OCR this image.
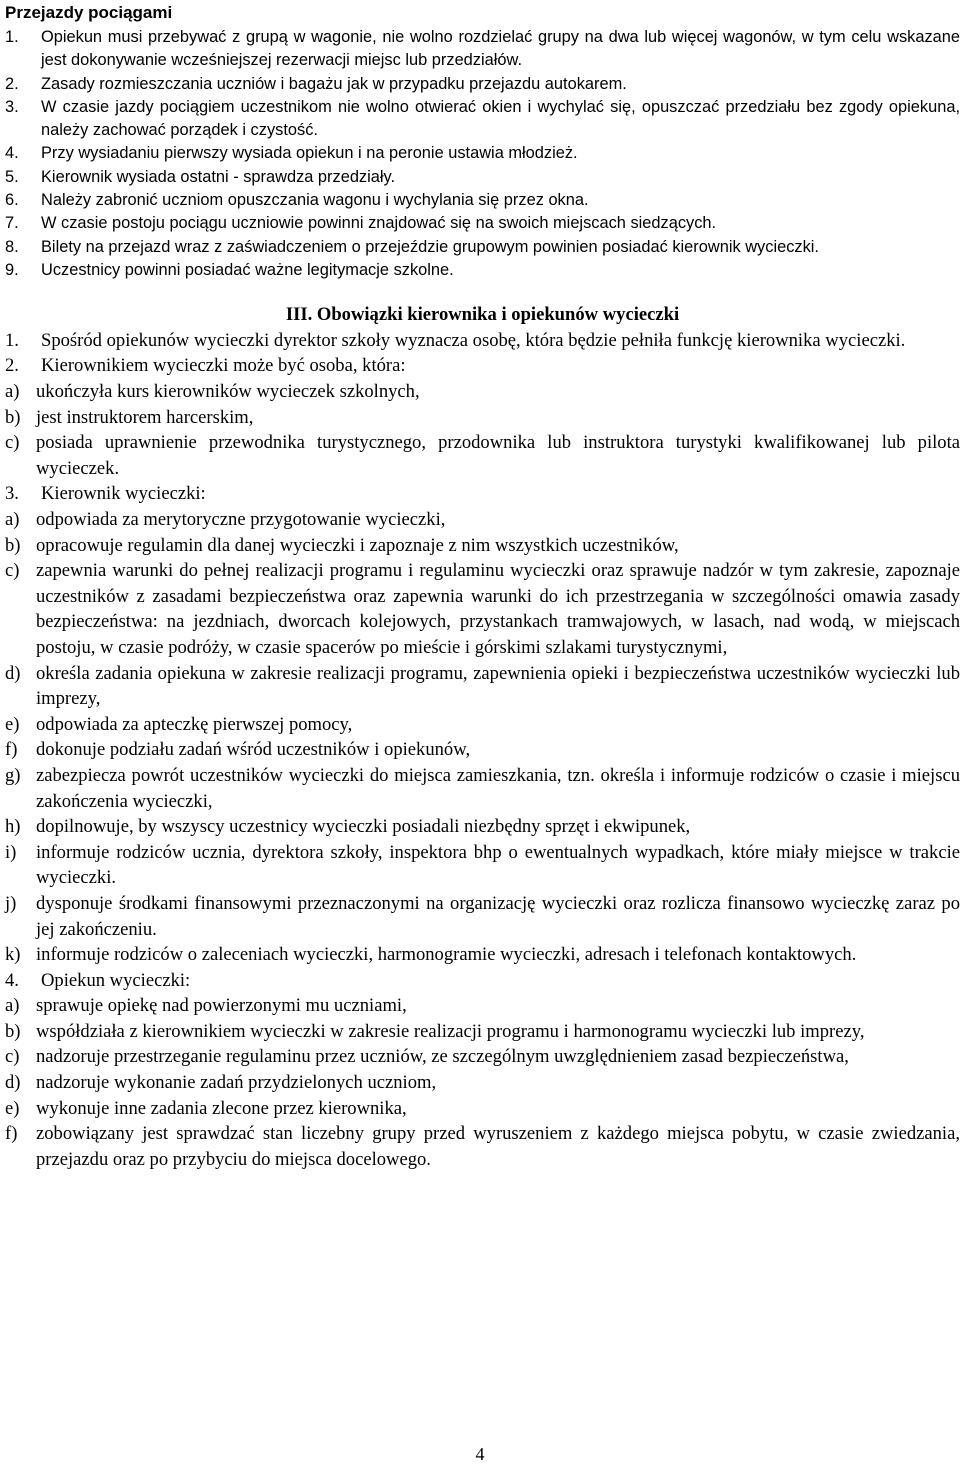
Przejazdy pociągami
1.	Opiekun musi przebywać z grupą w wagonie, nie wolno rozdzielać grupy na dwa lub więcej wagonów, w tym celu wskazane jest dokonywanie wcześniejszej rezerwacji miejsc lub przedziałów.
2.	Zasady rozmieszczania uczniów i bagażu jak w przypadku przejazdu autokarem.
3.	W czasie jazdy pociągiem uczestnikom nie wolno otwierać okien i wychylać się, opuszczać przedziału bez zgody opiekuna, należy zachować porządek i czystość.
4.	Przy wysiadaniu pierwszy wysiada opiekun i na peronie ustawia młodzież.
5.	Kierownik wysiada ostatni - sprawdza przedziały.
6.	Należy zabronić uczniom opuszczania wagonu i wychylania się przez okna.
7.	W czasie postoju pociągu uczniowie powinni znajdować się na swoich miejscach siedzących.
8.	Bilety na przejazd wraz z zaświadczeniem o przejeździe grupowym powinien posiadać kierownik wycieczki.
9.	Uczestnicy powinni posiadać ważne legitymacje szkolne.
III. Obowiązki kierownika i opiekunów wycieczki
1.	Spośród opiekunów wycieczki dyrektor szkoły wyznacza osobę, która będzie pełniła funkcję kierownika wycieczki.
2.	Kierownikiem wycieczki może być osoba, która:
a) ukończyła kurs kierowników wycieczek szkolnych,
b) jest instruktorem harcerskim,
c) posiada uprawnienie przewodnika turystycznego, przodownika lub instruktora turystyki kwalifikowanej lub pilota wycieczek.
3.	Kierownik wycieczki:
a) odpowiada za merytoryczne przygotowanie wycieczki,
b) opracowuje regulamin dla danej wycieczki i zapoznaje z nim wszystkich uczestników,
c) zapewnia warunki do pełnej realizacji programu i regulaminu wycieczki oraz sprawuje nadzór w tym zakresie, zapoznaje uczestników z zasadami bezpieczeństwa oraz zapewnia warunki do ich przestrzegania w szczególności omawia zasady bezpieczeństwa: na jezdniach, dworcach kolejowych, przystankach tramwajowych, w lasach, nad wodą, w miejscach postoju, w czasie podróży, w czasie spacerów po mieście i górskimi szlakami turystycznymi,
d) określa zadania opiekuna w zakresie realizacji programu, zapewnienia opieki i bezpieczeństwa uczestników wycieczki lub imprezy,
e) odpowiada za apteczkę pierwszej pomocy,
f)	dokonuje podziału zadań wśród uczestników i opiekunów,
g) zabezpiecza powrót uczestników wycieczki do miejsca zamieszkania, tzn. określa i informuje rodziców o czasie i miejscu zakończenia wycieczki,
h) dopilnowuje, by wszyscy uczestnicy wycieczki posiadali niezbędny sprzęt i ekwipunek,
i)	informuje rodziców ucznia, dyrektora szkoły, inspektora bhp o ewentualnych wypadkach, które miały miejsce w trakcie wycieczki.
j)	dysponuje środkami finansowymi przeznaczonymi na organizację wycieczki oraz rozlicza finansowo wycieczkę zaraz po jej zakończeniu.
k) informuje rodziców o zaleceniach wycieczki, harmonogramie wycieczki, adresach i telefonach kontaktowych.
4.	Opiekun wycieczki:
a) sprawuje opiekę nad powierzonymi mu uczniami,
b) współdziała z kierownikiem wycieczki w zakresie realizacji programu i harmonogramu wycieczki lub imprezy,
c) nadzoruje przestrzeganie regulaminu przez uczniów, ze szczególnym uwzględnieniem zasad bezpieczeństwa,
d) nadzoruje wykonanie zadań przydzielonych uczniom,
e) wykonuje inne zadania zlecone przez kierownika,
f)	zobowiązany jest sprawdzać stan liczebny grupy przed wyruszeniem z każdego miejsca pobytu, w czasie zwiedzania, przejazdu oraz po przybyciu do miejsca docelowego.
4
